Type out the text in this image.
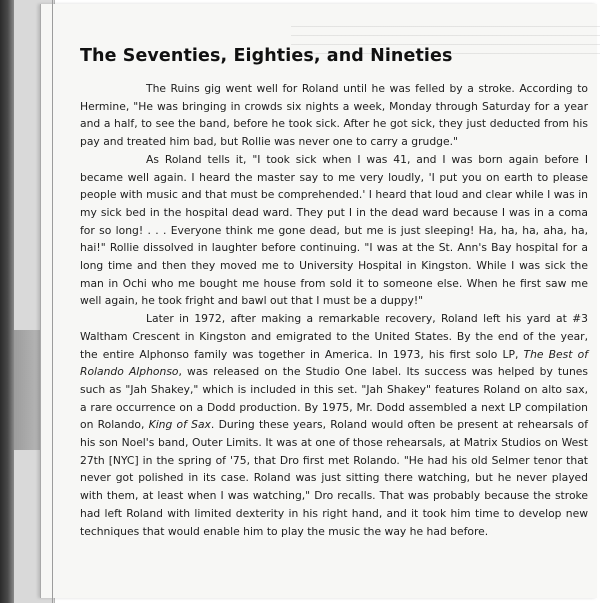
The Seventies, Eighties, and Nineties

The Ruins gig went well for Roland until he was felled by a stroke. According to Hermine, "He was bringing in crowds six nights a week, Monday through Saturday for a year and a half, to see the band, before he took sick. After he got sick, they just deducted from his pay and treated him bad, but Rollie was never one to carry a grudge."

As Roland tells it, "I took sick when I was 41, and I was born again before I became well again. I heard the master say to me very loudly, 'I put you on earth to please people with music and that must be comprehended.' I heard that loud and clear while I was in my sick bed in the hospital dead ward. They put I in the dead ward because I was in a coma for so long! . . . Everyone think me gone dead, but me is just sleeping! Ha, ha, ha, aha, ha, hai!" Rollie dissolved in laughter before continuing. "I was at the St. Ann's Bay hospital for a long time and then they moved me to University Hospital in Kingston. While I was sick the man in Ochi who me bought me house from sold it to someone else. When he first saw me well again, he took fright and bawl out that I must be a duppy!"

Later in 1972, after making a remarkable recovery, Roland left his yard at #3 Waltham Crescent in Kingston and emigrated to the United States. By the end of the year, the entire Alphonso family was together in America. In 1973, his first solo LP, The Best of Rolando Alphonso, was released on the Studio One label. Its success was helped by tunes such as "Jah Shakey," which is included in this set. "Jah Shakey" features Roland on alto sax, a rare occurrence on a Dodd production. By 1975, Mr. Dodd assembled a next LP compilation on Rolando, King of Sax. During these years, Roland would often be present at rehearsals of his son Noel's band, Outer Limits. It was at one of those rehearsals, at Matrix Studios on West 27th [NYC] in the spring of '75, that Dro first met Rolando. "He had his old Selmer tenor that never got polished in its case. Roland was just sitting there watching, but he never played with them, at least when I was watching," Dro recalls. That was probably because the stroke had left Roland with limited dexterity in his right hand, and it took him time to develop new techniques that would enable him to play the music the way he had before.
